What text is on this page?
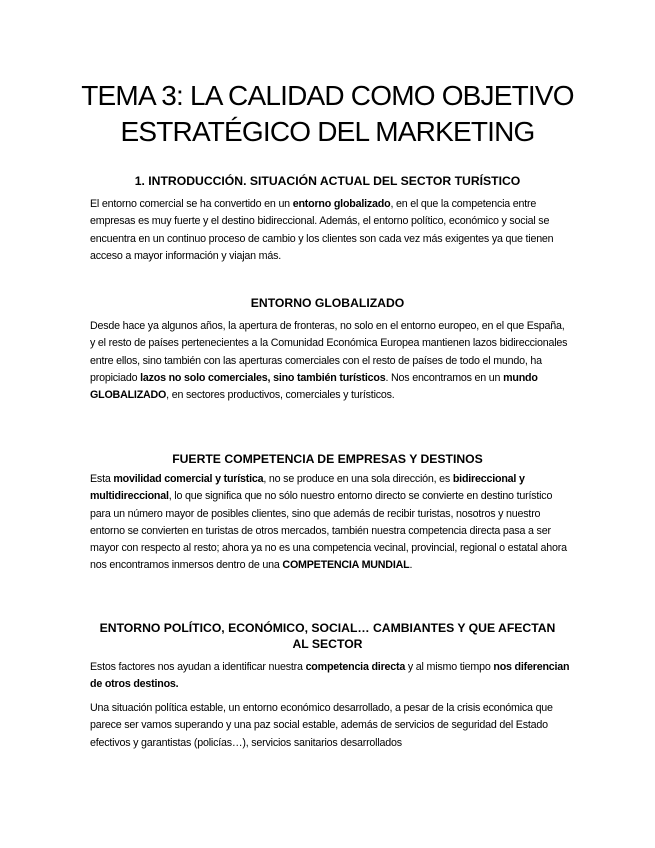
TEMA 3: LA CALIDAD COMO OBJETIVO
ESTRATÉGICO DEL MARKETING
1. INTRODUCCIÓN. SITUACIÓN ACTUAL DEL SECTOR TURÍSTICO

El entorno comercial se ha convertido en un entorno globalizado, en el que la competencia entre empresas es muy fuerte y el destino bidireccional. Además, el entorno político, económico y social se encuentra en un continuo proceso de cambio y los clientes son cada vez más exigentes ya que tienen acceso a mayor información y viajan más.

ENTORNO GLOBALIZADO

Desde hace ya algunos años, la apertura de fronteras, no solo en el entorno europeo, en el que España, y el resto de países pertenecientes a la Comunidad Económica Europea mantienen lazos bidireccionales entre ellos, sino también con las aperturas comerciales con el resto de países de todo el mundo, ha propiciado lazos no solo comerciales, sino también turísticos. Nos encontramos en un mundo GLOBALIZADO, en sectores productivos, comerciales y turísticos.

FUERTE COMPETENCIA DE EMPRESAS Y DESTINOS

Esta movilidad comercial y turística, no se produce en una sola dirección, es bidireccional y multidireccional, lo que significa que no sólo nuestro entorno directo se convierte en destino turístico para un número mayor de posibles clientes, sino que además de recibir turistas, nosotros y nuestro entorno se convierten en turistas de otros mercados, también nuestra competencia directa pasa a ser mayor con respecto al resto; ahora ya no es una competencia vecinal, provincial, regional o estatal ahora nos encontramos inmersos dentro de una COMPETENCIA MUNDIAL.

ENTORNO POLÍTICO, ECONÓMICO, SOCIAL… CAMBIANTES Y QUE AFECTAN
AL SECTOR

Estos factores nos ayudan a identificar nuestra competencia directa y al mismo tiempo nos diferencian de otros destinos.

Una situación política estable, un entorno económico desarrollado, a pesar de la crisis económica que parece ser vamos superando y una paz social estable, además de servicios de seguridad del Estado efectivos y garantistas (policías…), servicios sanitarios desarrollados
